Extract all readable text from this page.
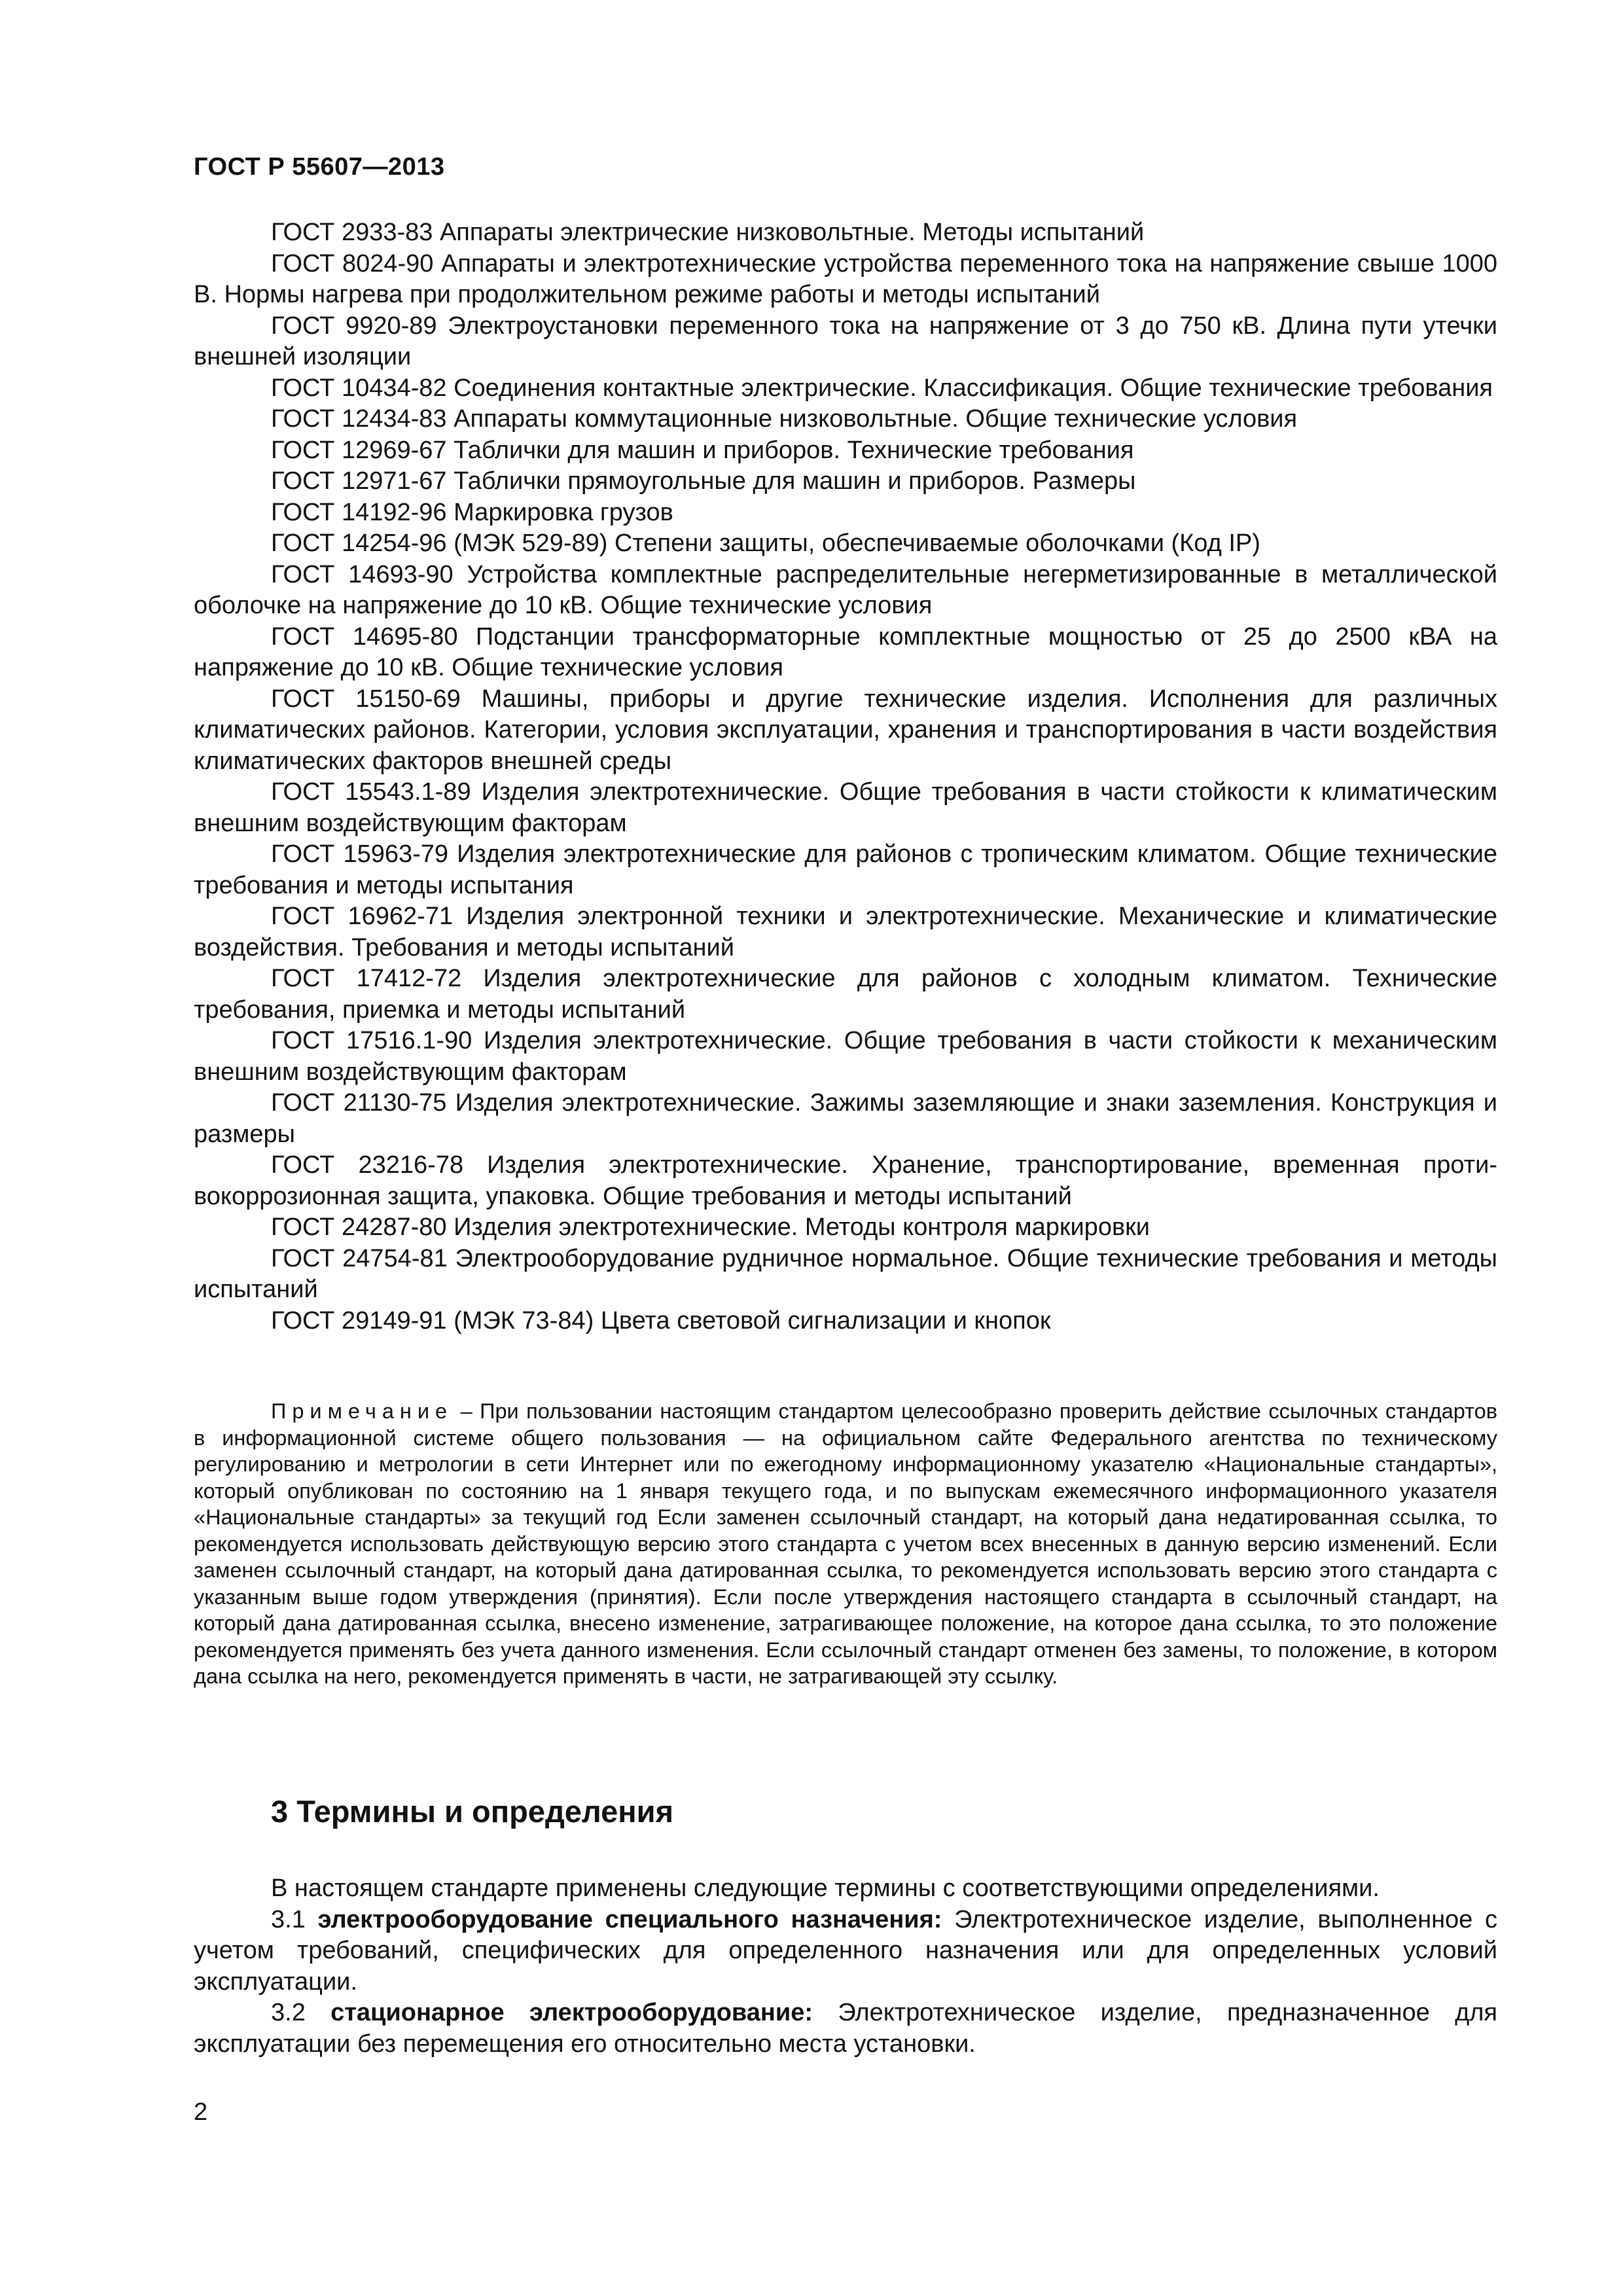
ГОСТ Р 55607—2013
ГОСТ 2933-83 Аппараты электрические низковольтные. Методы испытаний
ГОСТ 8024-90 Аппараты и электротехнические устройства переменного тока на напряжение свыше 1000 В. Нормы нагрева при продолжительном режиме работы и методы испытаний
ГОСТ 9920-89 Электроустановки переменного тока на напряжение от 3 до 750 кВ. Длина пути утечки внешней изоляции
ГОСТ 10434-82 Соединения контактные электрические. Классификация. Общие технические требования
ГОСТ 12434-83 Аппараты коммутационные низковольтные. Общие технические условия
ГОСТ 12969-67 Таблички для машин и приборов. Технические требования
ГОСТ 12971-67 Таблички прямоугольные для машин и приборов. Размеры
ГОСТ 14192-96 Маркировка грузов
ГОСТ 14254-96 (МЭК 529-89) Степени защиты, обеспечиваемые оболочками (Код IP)
ГОСТ 14693-90 Устройства комплектные распределительные негерметизированные в металлической оболочке на напряжение до 10 кВ. Общие технические условия
ГОСТ 14695-80 Подстанции трансформаторные комплектные мощностью от 25 до 2500 кВА на напряжение до 10 кВ. Общие технические условия
ГОСТ 15150-69 Машины, приборы и другие технические изделия. Исполнения для различных климатических районов. Категории, условия эксплуатации, хранения и транспортирования в части воздействия климатических факторов внешней среды
ГОСТ 15543.1-89 Изделия электротехнические. Общие требования в части стойкости к климатическим внешним воздействующим факторам
ГОСТ 15963-79 Изделия электротехнические для районов с тропическим климатом. Общие технические требования и методы испытания
ГОСТ 16962-71 Изделия электронной техники и электротехнические. Механические и климатические воздействия. Требования и методы испытаний
ГОСТ 17412-72 Изделия электротехнические для районов с холодным климатом. Технические требования, приемка и методы испытаний
ГОСТ 17516.1-90 Изделия электротехнические. Общие требования в части стойкости к механическим внешним воздействующим факторам
ГОСТ 21130-75 Изделия электротехнические. Зажимы заземляющие и знаки заземления. Конструкция и размеры
ГОСТ 23216-78 Изделия электротехнические. Хранение, транспортирование, временная противокоррозионная защита, упаковка. Общие требования и методы испытаний
ГОСТ 24287-80 Изделия электротехнические. Методы контроля маркировки
ГОСТ 24754-81 Электрооборудование рудничное нормальное. Общие технические требования и методы испытаний
ГОСТ 29149-91 (МЭК 73-84) Цвета световой сигнализации и кнопок
Примечание – При пользовании настоящим стандартом целесообразно проверить действие ссылочных стандартов в информационной системе общего пользования — на официальном сайте Федерального агентства по техническому регулированию и метрологии в сети Интернет или по ежегодному информационному указателю «Национальные стандарты», который опубликован по состоянию на 1 января текущего года, и по выпускам ежемесячного информационного указателя «Национальные стандарты» за текущий год Если заменен ссылочный стандарт, на который дана недатированная ссылка, то рекомендуется использовать действующую версию этого стандарта с учетом всех внесенных в данную версию изменений. Если заменен ссылочный стандарт, на который дана датированная ссылка, то рекомендуется использовать версию этого стандарта с указанным выше годом утверждения (принятия). Если после утверждения настоящего стандарта в ссылочный стандарт, на который дана датированная ссылка, внесено изменение, затрагивающее положение, на которое дана ссылка, то это положение рекомендуется применять без учета данного изменения. Если ссылочный стандарт отменен без замены, то положение, в котором дана ссылка на него, рекомендуется применять в части, не затрагивающей эту ссылку.
3 Термины и определения

В настоящем стандарте применены следующие термины с соответствующими определениями.

3.1 электрооборудование специального назначения: Электротехническое изделие, выполненное с учетом требований, специфических для определенного назначения или для определенных условий эксплуатации.

3.2 стационарное электрооборудование: Электротехническое изделие, предназначенное для эксплуатации без перемещения его относительно места установки.

2
